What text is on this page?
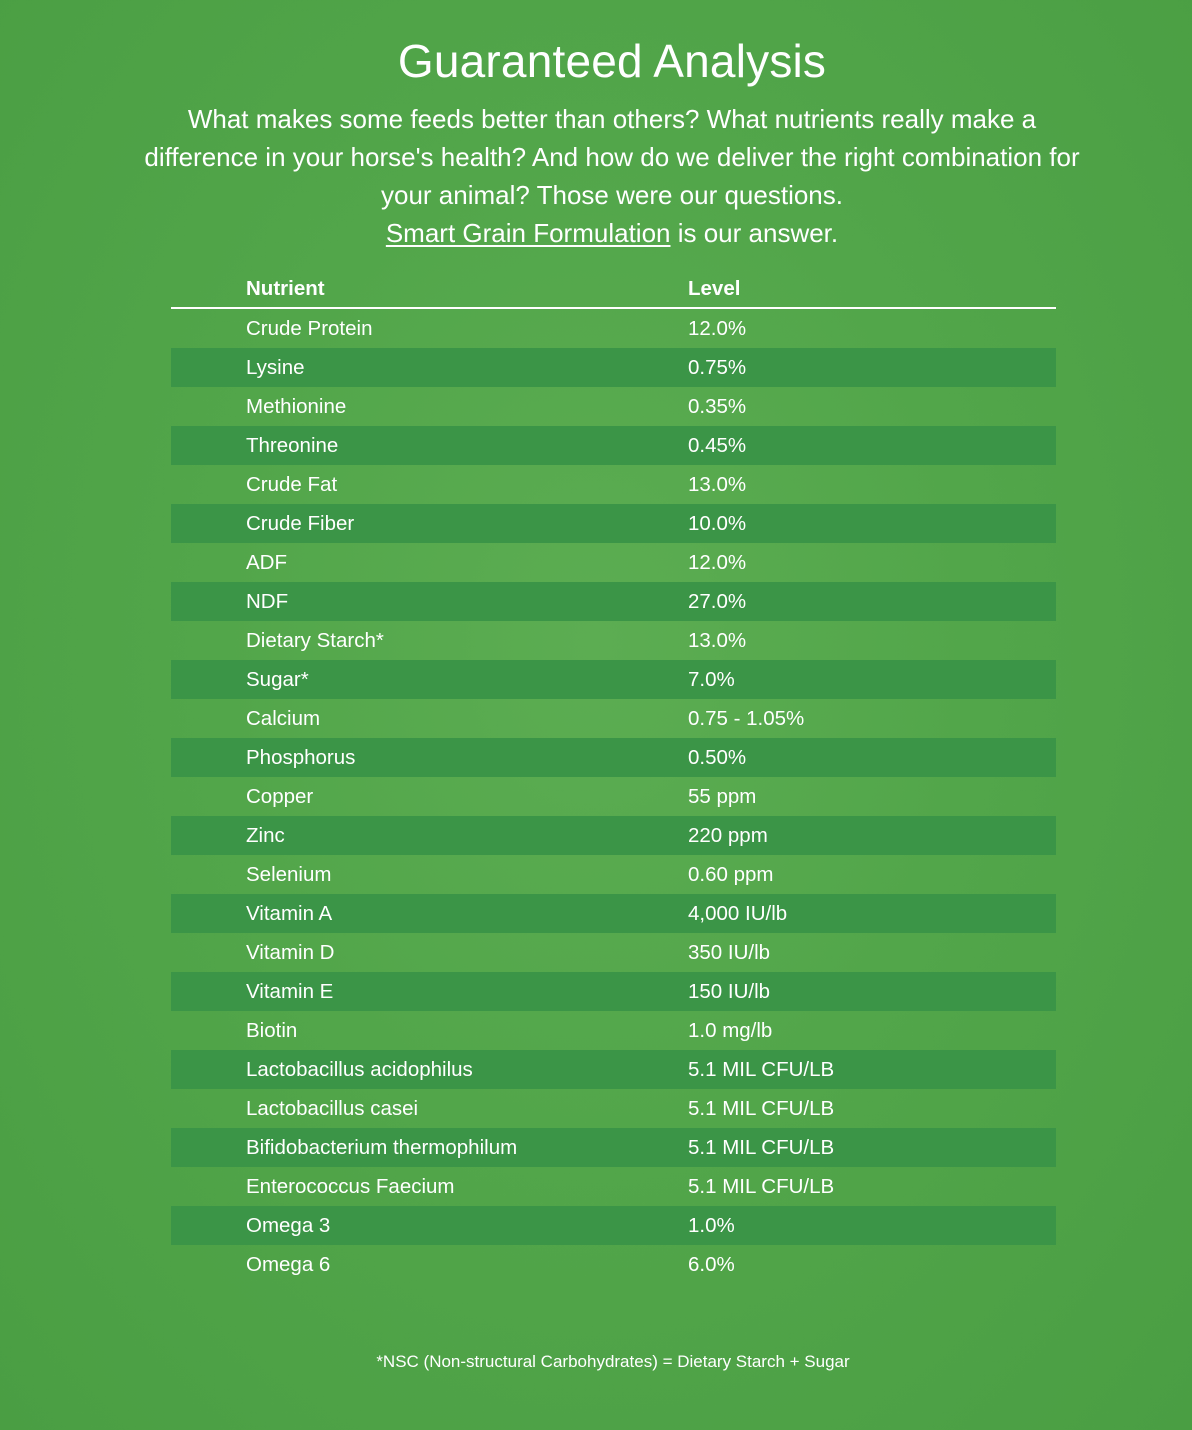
Guaranteed Analysis

What makes some feeds better than others? What nutrients really make a difference in your horse's health? And how do we deliver the right combination for your animal? Those were our questions.
Smart Grain Formulation is our answer.

Nutrient	Level
Crude Protein	12.0%
Lysine	0.75%
Methionine	0.35%
Threonine	0.45%
Crude Fat	13.0%
Crude Fiber	10.0%
ADF	12.0%
NDF	27.0%
Dietary Starch*	13.0%
Sugar*	7.0%
Calcium	0.75 - 1.05%
Phosphorus	0.50%
Copper	55 ppm
Zinc	220 ppm
Selenium	0.60 ppm
Vitamin A	4,000 IU/lb
Vitamin D	350 IU/lb
Vitamin E	150 IU/lb
Biotin	1.0 mg/lb
Lactobacillus acidophilus	5.1 MIL CFU/LB
Lactobacillus casei	5.1 MIL CFU/LB
Bifidobacterium thermophilum	5.1 MIL CFU/LB
Enterococcus Faecium	5.1 MIL CFU/LB
Omega 3	1.0%
Omega 6	6.0%

*NSC (Non-structural Carbohydrates) = Dietary Starch + Sugar
